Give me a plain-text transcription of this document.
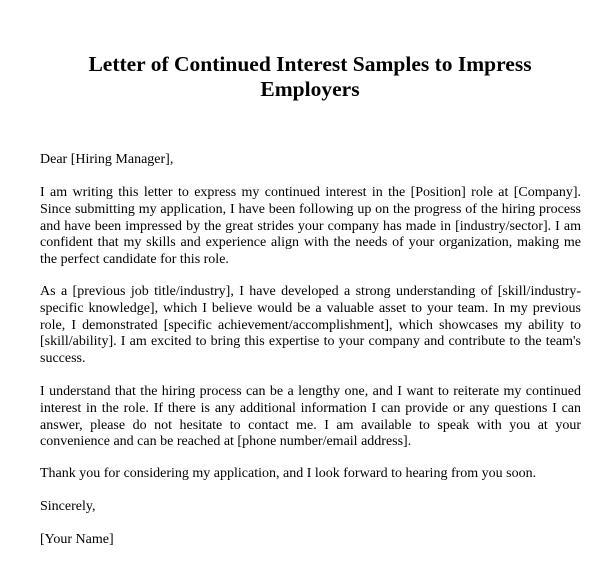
Letter of Continued Interest Samples to Impress Employers

Dear [Hiring Manager],

I am writing this letter to express my continued interest in the [Position] role at [Company]. Since submitting my application, I have been following up on the progress of the hiring process and have been impressed by the great strides your company has made in [industry/sector]. I am confident that my skills and experience align with the needs of your organization, making me the perfect candidate for this role.

As a [previous job title/industry], I have developed a strong understanding of [skill/industry-specific knowledge], which I believe would be a valuable asset to your team. In my previous role, I demonstrated [specific achievement/accomplishment], which showcases my ability to [skill/ability]. I am excited to bring this expertise to your company and contribute to the team's success.

I understand that the hiring process can be a lengthy one, and I want to reiterate my continued interest in the role. If there is any additional information I can provide or any questions I can answer, please do not hesitate to contact me. I am available to speak with you at your convenience and can be reached at [phone number/email address].

Thank you for considering my application, and I look forward to hearing from you soon.

Sincerely,

[Your Name]
